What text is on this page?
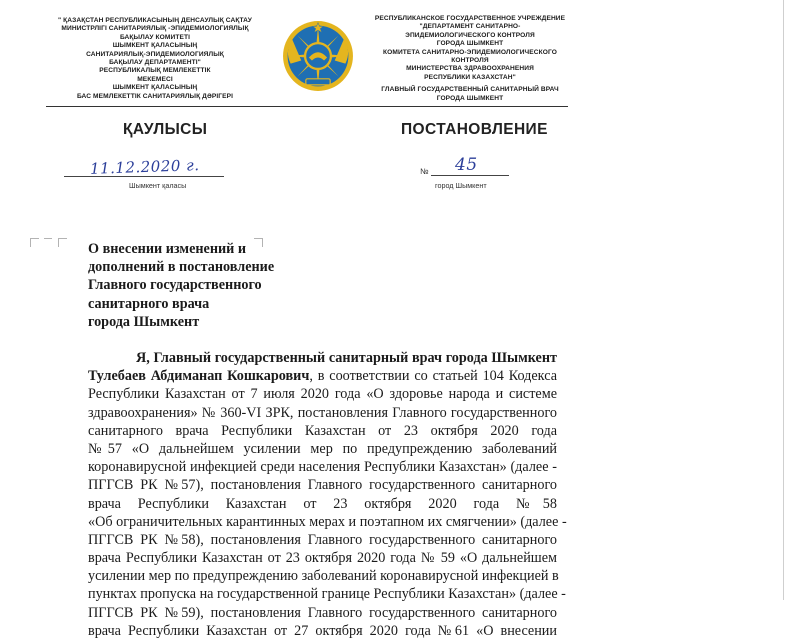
" ҚАЗАҚСТАН РЕСПУБЛИКАСЫНЫҢ ДЕНСАУЛЫҚ САҚТАУ
МИНИСТРЛІГІ САНИТАРИЯЛЫҚ -ЭПИДЕМИОЛОГИЯЛЫҚ
БАҚЫЛАУ КОМИТЕТІ
ШЫМКЕНТ ҚАЛАСЫНЫҢ
САНИТАРИЯЛЫҚ-ЭПИДЕМИОЛОГИЯЛЫҚ
БАҚЫЛАУ ДЕПАРТАМЕНТІ"
РЕСПУБЛИКАЛЫҚ МЕМЛЕКЕТТІК
МЕКЕМЕСІ
ШЫМКЕНТ ҚАЛАСЫНЫҢ
БАС МЕМЛЕКЕТТІК САНИТАРИЯЛЫҚ ДӘРІГЕРІ
РЕСПУБЛИКАНСКОЕ ГОСУДАРСТВЕННОЕ УЧРЕЖДЕНИЕ
"ДЕПАРТАМЕНТ САНИТАРНО-
ЭПИДЕМИОЛОГИЧЕСКОГО КОНТРОЛЯ
ГОРОДА ШЫМКЕНТ
КОМИТЕТА САНИТАРНО-ЭПИДЕМИОЛОГИЧЕСКОГО
КОНТРОЛЯ
МИНИСТЕРСТВА ЗДРАВООХРАНЕНИЯ
РЕСПУБЛИКИ КАЗАХСТАН"
ГЛАВНЫЙ ГОСУДАРСТВЕННЫЙ САНИТАРНЫЙ ВРАЧ
ГОРОДА ШЫМКЕНТ
ҚАУЛЫСЫ	ПОСТАНОВЛЕНИЕ
11.12.2020 г.
Шымкент қаласы
№ 45
город Шымкент
О внесении изменений и
дополнений в постановление
Главного государственного
санитарного врача
города Шымкент
Я, Главный государственный санитарный врач города Шымкент
Тулебаев Абдиманап Кошкарович, в соответствии со статьей 104 Кодекса
Республики Казахстан от 7 июля 2020 года «О здоровье народа и системе
здравоохранения» № 360-VI ЗРК, постановления Главного государственного
санитарного врача Республики Казахстан от 23 октября 2020 года
№57 «О дальнейшем усилении мер по предупреждению заболеваний
коронавирусной инфекцией среди населения Республики Казахстан» (далее -
ПГГСВ РК №57), постановления Главного государственного санитарного
врача Республики Казахстан от 23 октября 2020 года №58
«Об ограничительных карантинных мерах и поэтапном их смягчении» (далее -
ПГГСВ РК №58), постановления Главного государственного санитарного
врача Республики Казахстан от 23 октября 2020 года № 59 «О дальнейшем
усилении мер по предупреждению заболеваний коронавирусной инфекцией в
пунктах пропуска на государственной границе Республики Казахстан» (далее -
ПГГСВ РК №59), постановления Главного государственного санитарного
врача Республики Казахстан от 27 октября 2020 года №61 «О внесении
